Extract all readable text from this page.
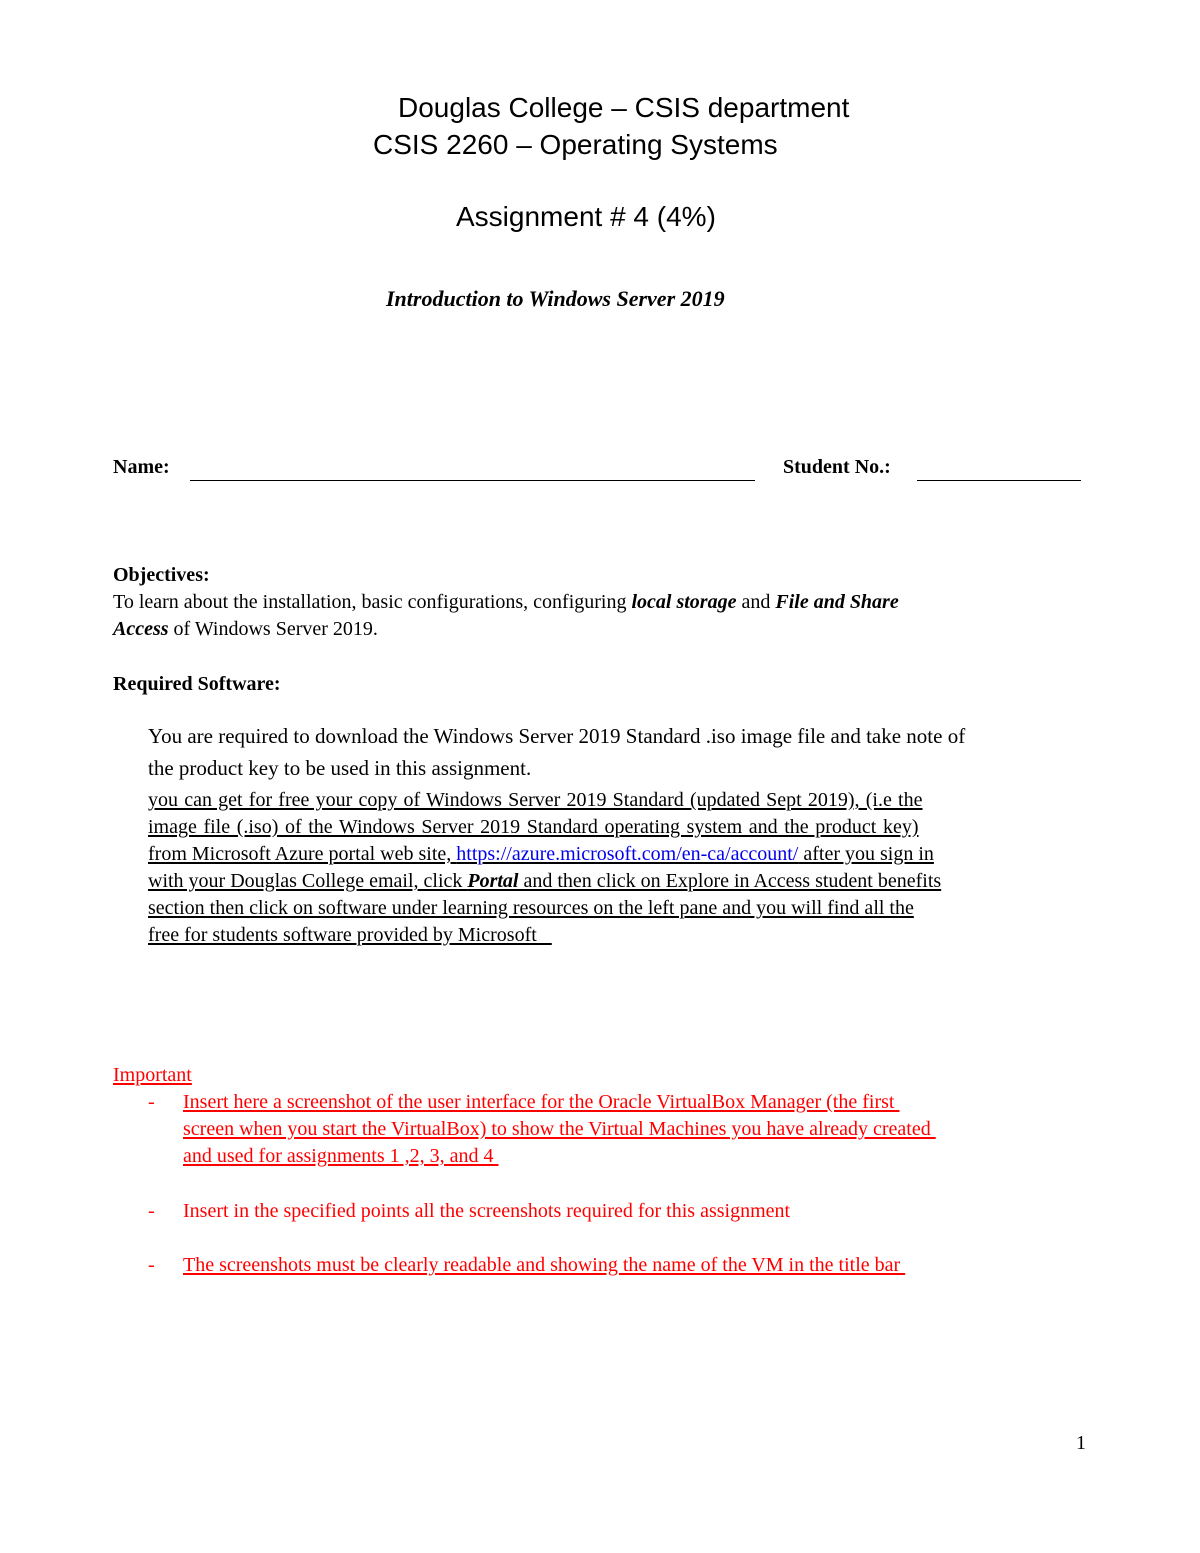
Douglas College – CSIS department
CSIS 2260 – Operating Systems
Assignment # 4 (4%)
Introduction to Windows Server 2019
Name:	Student No.:
Objectives:
To learn about the installation, basic configurations, configuring local storage and File and Share
Access of Windows Server 2019.
Required Software:
You are required to download the Windows Server 2019 Standard .iso image file and take note of
the product key to be used in this assignment.
you can get for free your copy of Windows Server 2019 Standard (updated Sept 2019), (i.e the
image file (.iso) of the Windows Server 2019 Standard operating system and the product key)
from Microsoft Azure portal web site, https://azure.microsoft.com/en-ca/account/ after you sign in
with your Douglas College email, click Portal and then click on Explore in Access student benefits
section then click on software under learning resources on the left pane and you will find all the
free for students software provided by Microsoft
Important
- Insert here a screenshot of the user interface for the Oracle VirtualBox Manager (the first
screen when you start the VirtualBox) to show the Virtual Machines you have already created
and used for assignments 1 ,2, 3, and 4
- Insert in the specified points all the screenshots required for this assignment
- The screenshots must be clearly readable and showing the name of the VM in the title bar
1
